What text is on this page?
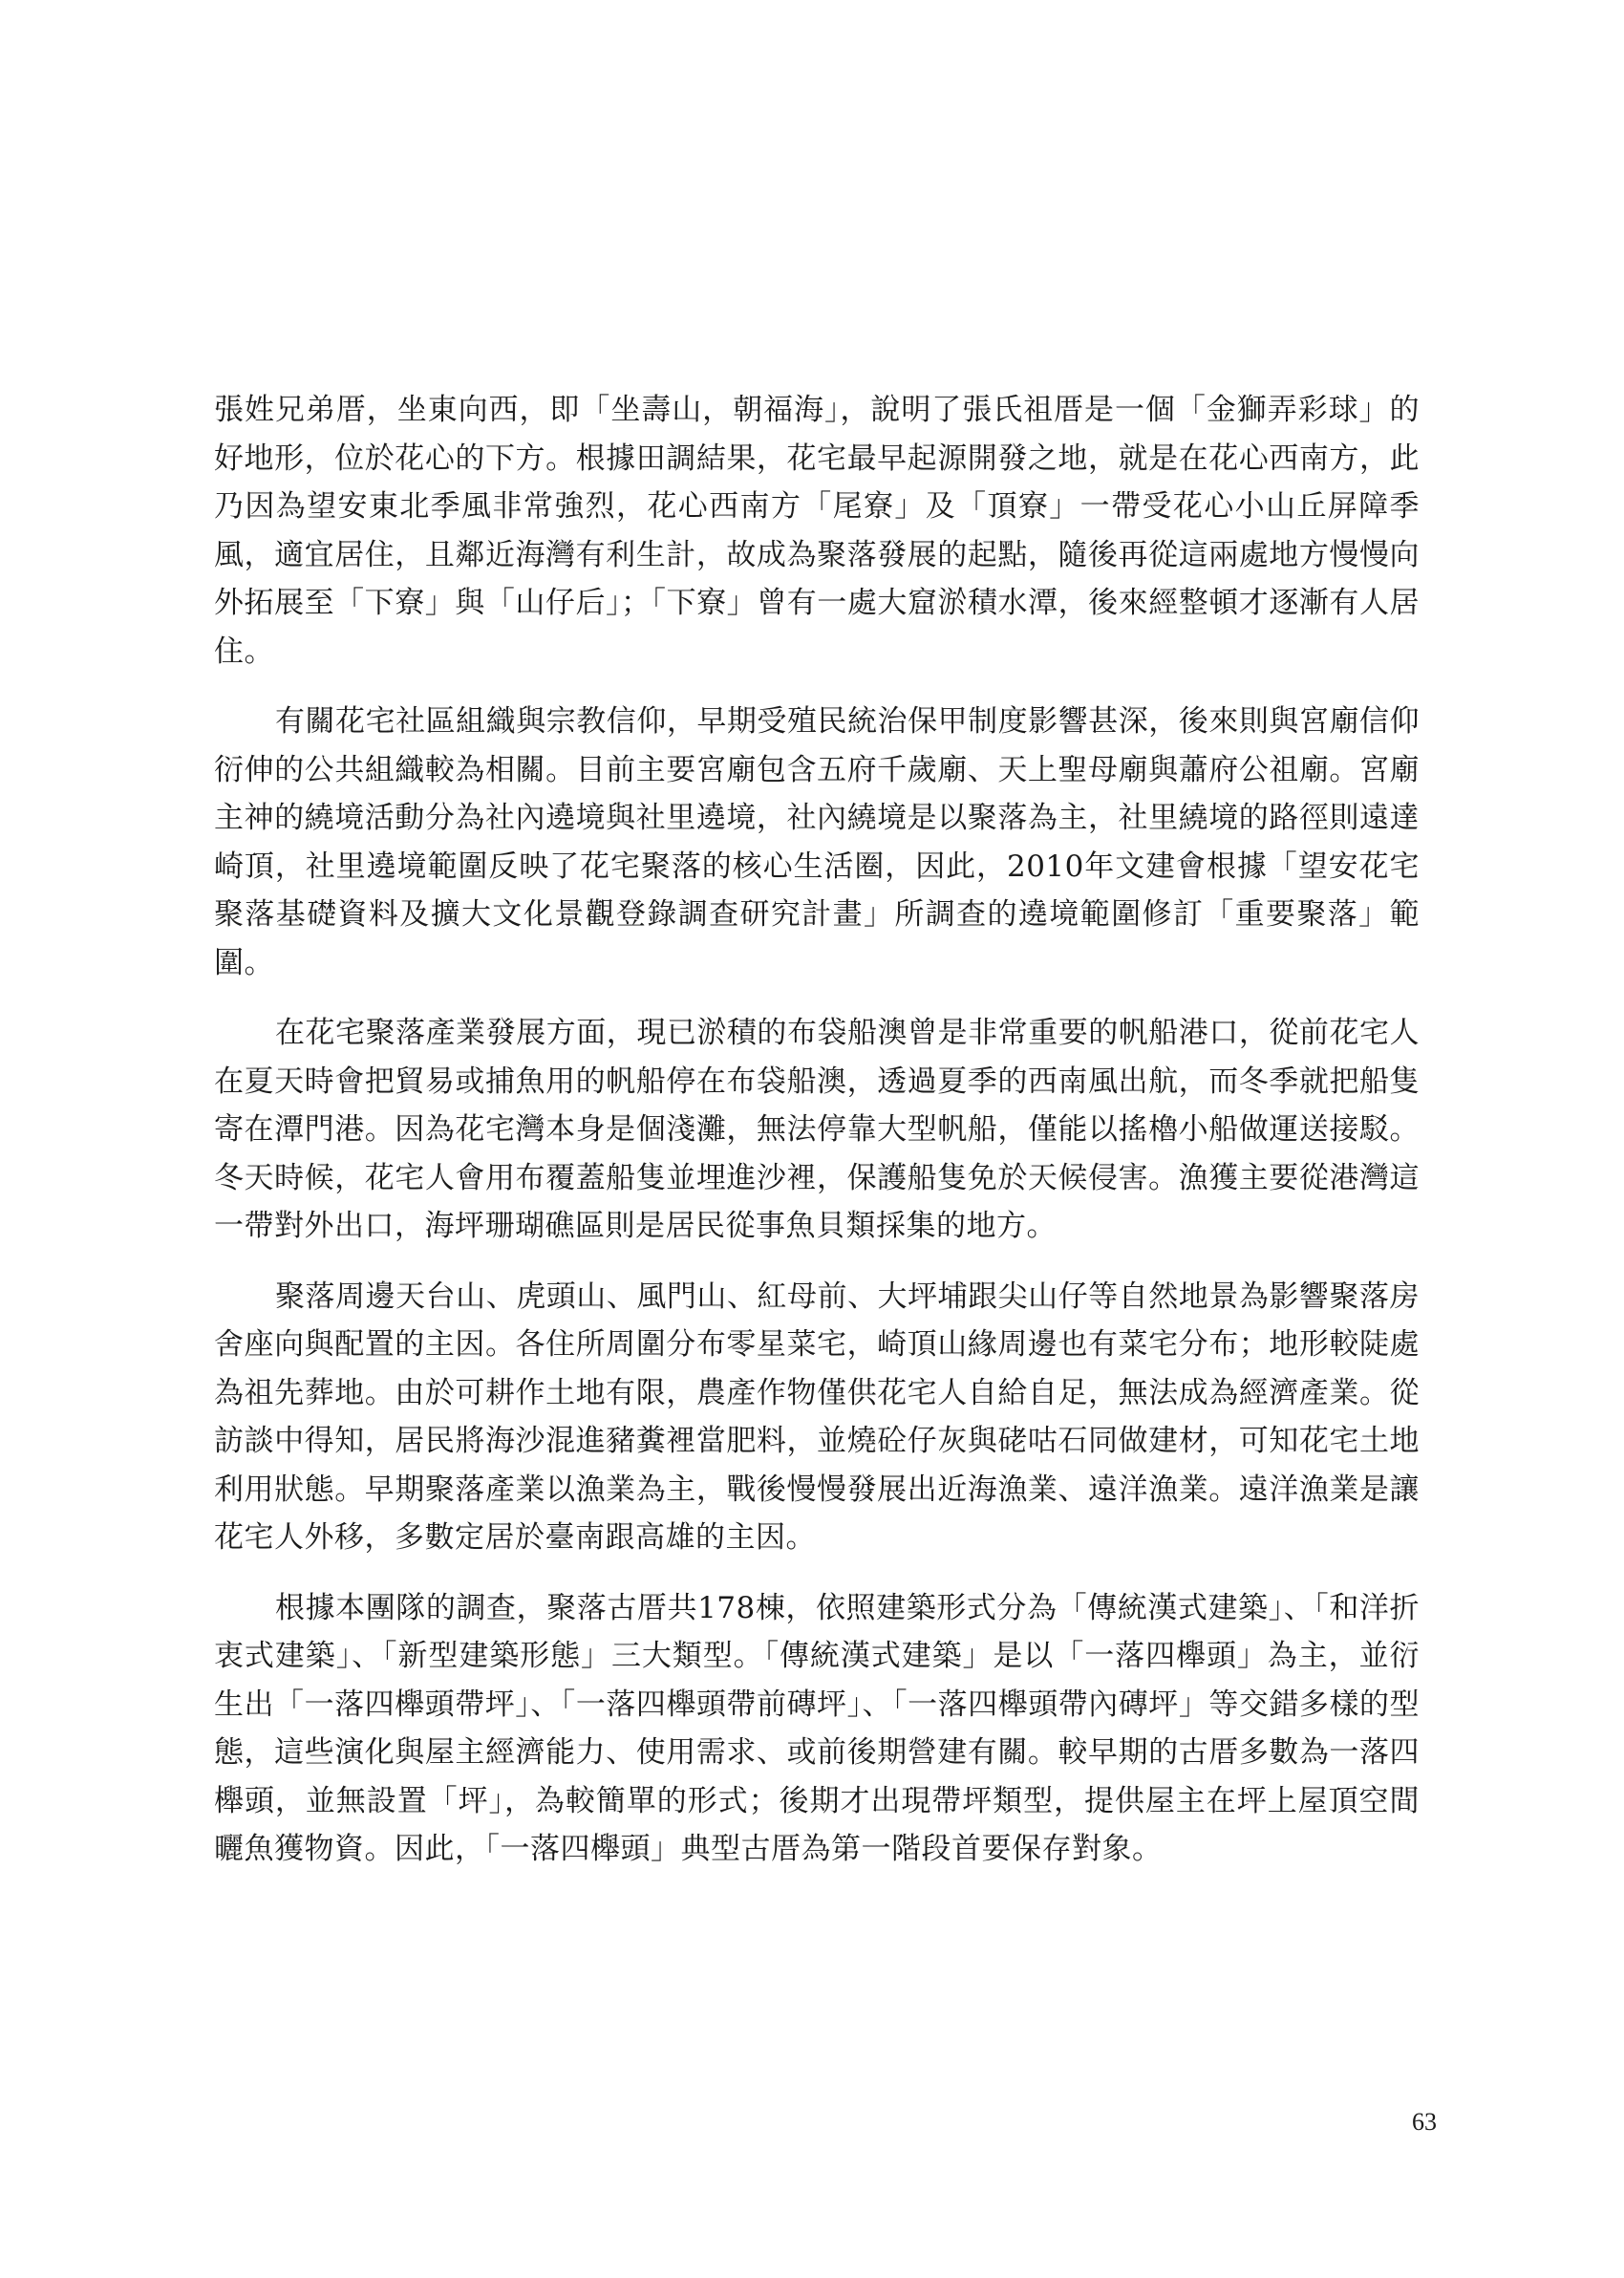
張姓兄弟厝，坐東向西，即「坐壽山，朝福海」，說明了張氏祖厝是一個「金獅弄彩球」的好地形，位於花心的下方。根據田調結果，花宅最早起源開發之地，就是在花心西南方，此乃因為望安東北季風非常強烈，花心西南方「尾寮」及「頂寮」一帶受花心小山丘屏障季風，適宜居住，且鄰近海灣有利生計，故成為聚落發展的起點，隨後再從這兩處地方慢慢向外拓展至「下寮」與「山仔后」；「下寮」曾有一處大窟淤積水潭，後來經整頓才逐漸有人居住。

有關花宅社區組織與宗教信仰，早期受殖民統治保甲制度影響甚深，後來則與宮廟信仰衍伸的公共組織較為相關。目前主要宮廟包含五府千歲廟、天上聖母廟與蕭府公祖廟。宮廟主神的繞境活動分為社內遶境與社里遶境，社內繞境是以聚落為主，社里繞境的路徑則遠達崎頂，社里遶境範圍反映了花宅聚落的核心生活圈，因此，2010年文建會根據「望安花宅聚落基礎資料及擴大文化景觀登錄調查研究計畫」所調查的遶境範圍修訂「重要聚落」範圍。

在花宅聚落產業發展方面，現已淤積的布袋船澳曾是非常重要的帆船港口，從前花宅人在夏天時會把貿易或捕魚用的帆船停在布袋船澳，透過夏季的西南風出航，而冬季就把船隻寄在潭門港。因為花宅灣本身是個淺灘，無法停靠大型帆船，僅能以搖櫓小船做運送接駁。冬天時候，花宅人會用布覆蓋船隻並埋進沙裡，保護船隻免於天候侵害。漁獲主要從港灣這一帶對外出口，海坪珊瑚礁區則是居民從事魚貝類採集的地方。

聚落周邊天台山、虎頭山、風門山、紅母前、大坪埔跟尖山仔等自然地景為影響聚落房舍座向與配置的主因。各住所周圍分布零星菜宅，崎頂山緣周邊也有菜宅分布；地形較陡處為祖先葬地。由於可耕作土地有限，農產作物僅供花宅人自給自足，無法成為經濟產業。從訪談中得知，居民將海沙混進豬糞裡當肥料，並燒砼仔灰與硓咕石同做建材，可知花宅土地利用狀態。早期聚落產業以漁業為主，戰後慢慢發展出近海漁業、遠洋漁業。遠洋漁業是讓花宅人外移，多數定居於臺南跟高雄的主因。

根據本團隊的調查，聚落古厝共178棟，依照建築形式分為「傳統漢式建築」、「和洋折衷式建築」、「新型建築形態」三大類型。「傳統漢式建築」是以「一落四櫸頭」為主，並衍生出「一落四櫸頭帶坪」、「一落四櫸頭帶前磚坪」、「一落四櫸頭帶內磚坪」等交錯多樣的型態，這些演化與屋主經濟能力、使用需求、或前後期營建有關。較早期的古厝多數為一落四櫸頭，並無設置「坪」，為較簡單的形式；後期才出現帶坪類型，提供屋主在坪上屋頂空間曬魚獲物資。因此，「一落四櫸頭」典型古厝為第一階段首要保存對象。

63
